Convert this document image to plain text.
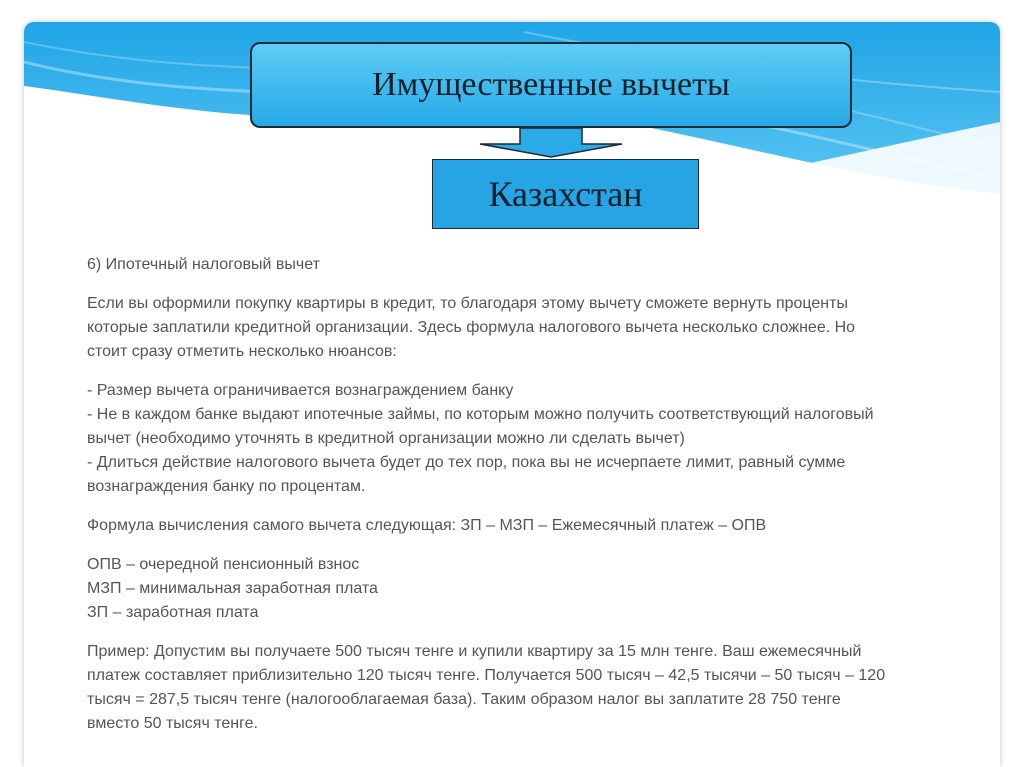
Имущественные вычеты
Казахстан

6) Ипотечный налоговый вычет

Если вы оформили покупку квартиры в кредит, то благодаря этому вычету сможете вернуть проценты

которые заплатили кредитной организации. Здесь формула налогового вычета несколько сложнее. Но

стоит сразу отметить несколько нюансов:

- Размер вычета ограничивается вознаграждением банку

- Не в каждом банке выдают ипотечные займы, по которым можно получить соответствующий налоговый

вычет (необходимо уточнять в кредитной организации можно ли сделать вычет)

- Длиться действие налогового вычета будет до тех пор, пока вы не исчерпаете лимит, равный сумме

вознаграждения банку по процентам.

Формула вычисления самого вычета следующая: ЗП – МЗП – Ежемесячный платеж – ОПВ

ОПВ – очередной пенсионный взнос

МЗП – минимальная заработная плата

ЗП – заработная плата

Пример: Допустим вы получаете 500 тысяч тенге и купили квартиру за 15 млн тенге. Ваш ежемесячный

платеж составляет приблизительно 120 тысяч тенге. Получается 500 тысяч – 42,5 тысячи – 50 тысяч – 120

тысяч = 287,5 тысяч тенге (налогооблагаемая база). Таким образом налог вы заплатите 28 750 тенге

вместо 50 тысяч тенге.
